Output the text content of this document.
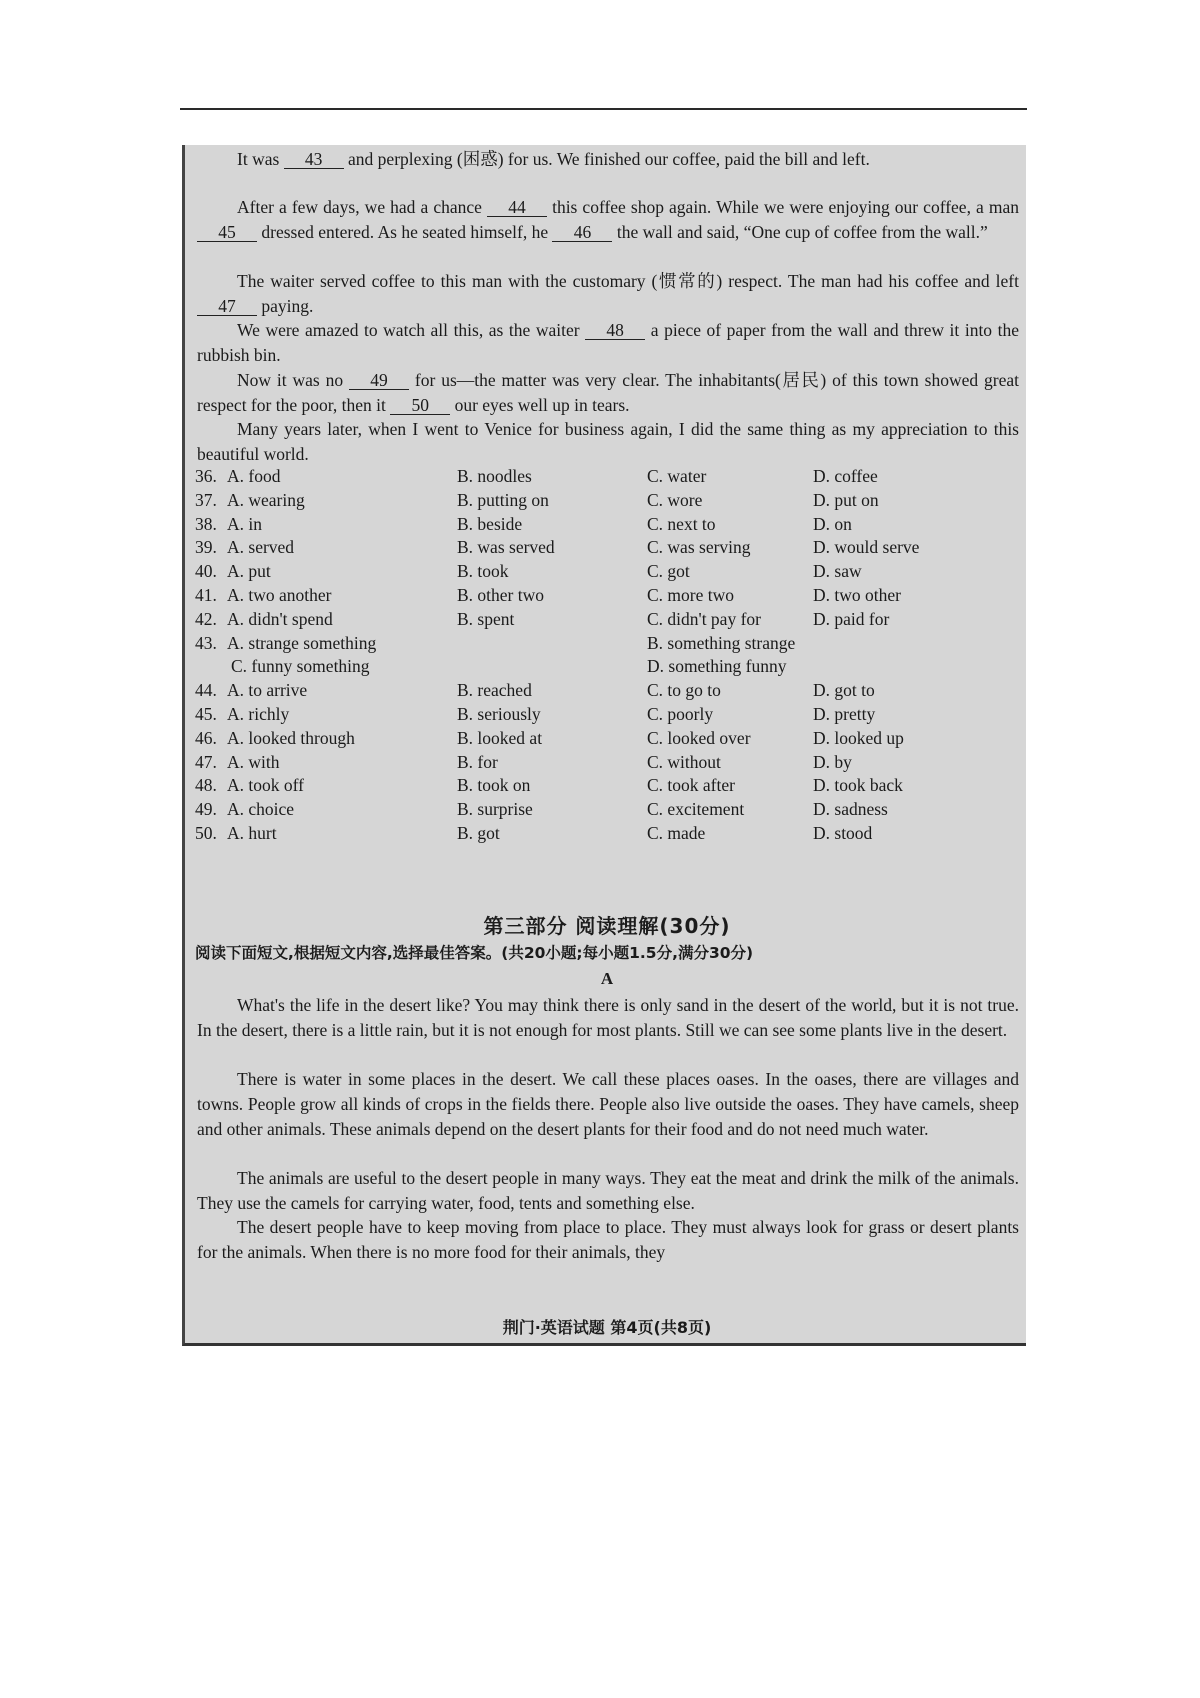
It was 43 and perplexing (困惑) for us. We finished our coffee, paid the bill and left.

After a few days, we had a chance 44 this coffee shop again. While we were enjoying our coffee, a man 45 dressed entered. As he seated himself, he 46 the wall and said, “One cup of coffee from the wall.”

The waiter served coffee to this man with the customary (惯常的) respect. The man had his coffee and left 47 paying.

We were amazed to watch all this, as the waiter 48 a piece of paper from the wall and threw it into the rubbish bin.

Now it was no 49 for us—the matter was very clear. The inhabitants(居民) of this town showed great respect for the poor, then it 50 our eyes well up in tears.

Many years later, when I went to Venice for business again, I did the same thing as my appreciation to this beautiful world.

36. A. food	B. noodles	C. water	D. coffee
37. A. wearing	B. putting on	C. wore	D. put on
38. A. in	B. beside	C. next to	D. on
39. A. served	B. was served	C. was serving	D. would serve
40. A. put	B. took	C. got	D. saw
41. A. two another	B. other two	C. more two	D. two other
42. A. didn't spend	B. spent	C. didn't pay for	D. paid for
43. A. strange something	B. something strange
C. funny something	D. something funny
44. A. to arrive	B. reached	C. to go to	D. got to
45. A. richly	B. seriously	C. poorly	D. pretty
46. A. looked through	B. looked at	C. looked over	D. looked up
47. A. with	B. for	C. without	D. by
48. A. took off	B. took on	C. took after	D. took back
49. A. choice	B. surprise	C. excitement	D. sadness
50. A. hurt	B. got	C. made	D. stood
第三部分 阅读理解(30分)
阅读下面短文,根据短文内容,选择最佳答案。(共20小题;每小题1.5分,满分30分)
A

What's the life in the desert like? You may think there is only sand in the desert of the world, but it is not true. In the desert, there is a little rain, but it is not enough for most plants. Still we can see some plants live in the desert.

There is water in some places in the desert. We call these places oases. In the oases, there are villages and towns. People grow all kinds of crops in the fields there. People also live outside the oases. They have camels, sheep and other animals. These animals depend on the desert plants for their food and do not need much water.

The animals are useful to the desert people in many ways. They eat the meat and drink the milk of the animals. They use the camels for carrying water, food, tents and something else.

The desert people have to keep moving from place to place. They must always look for grass or desert plants for the animals. When there is no more food for their animals, they

荆门·英语试题 第4页(共8页)
